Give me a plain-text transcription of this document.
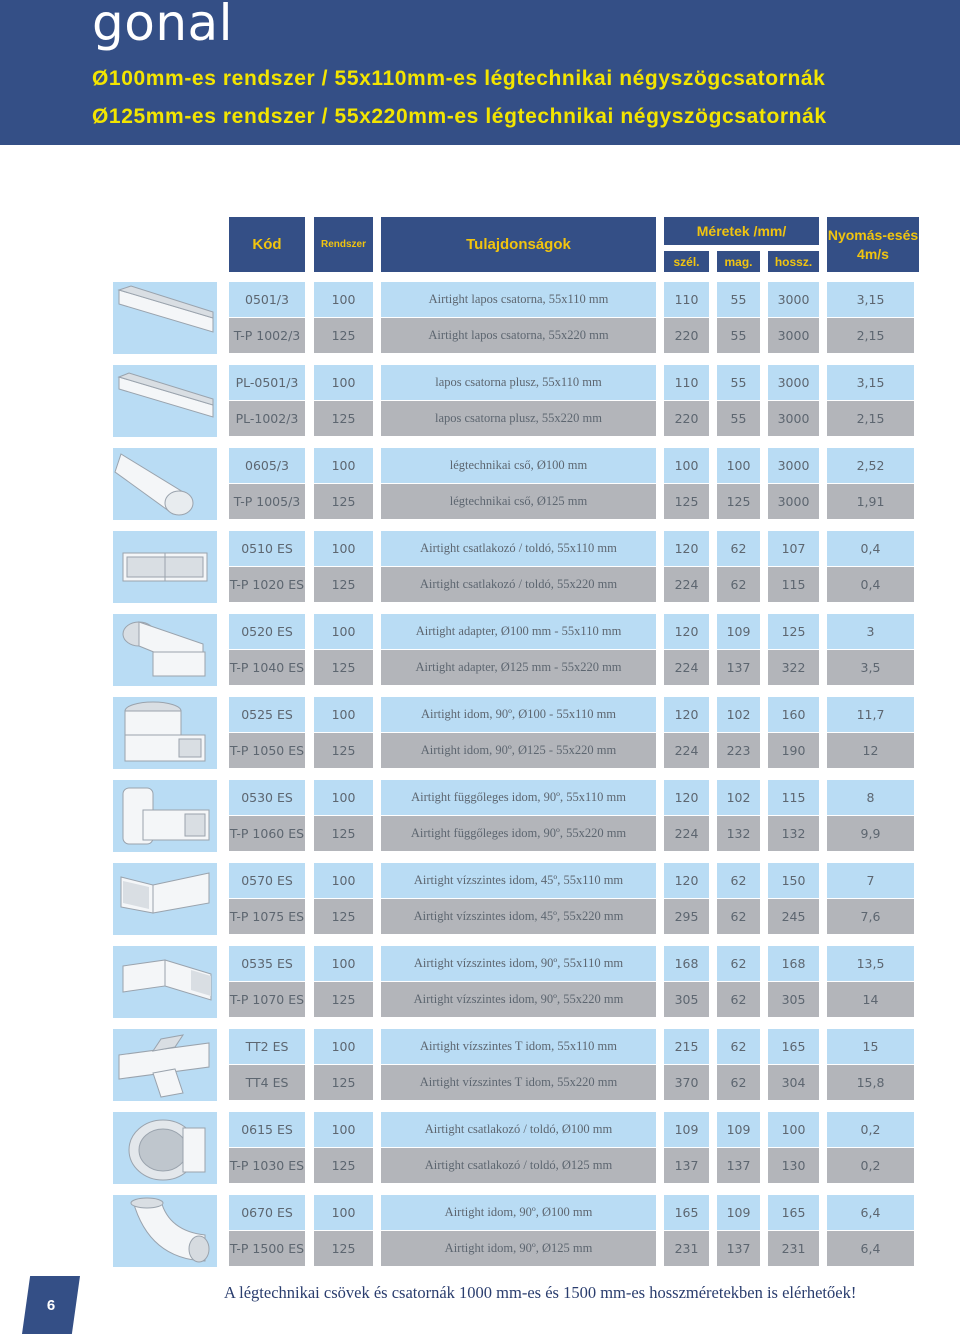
gonal
Ø100mm-es rendszer / 55x110mm-es légtechnikai négyszögcsatornák
Ø125mm-es rendszer / 55x220mm-es légtechnikai négyszögcsatornák
Kód	Rendszer	Tulajdonságok
Méretek /mm/
szél.	mag.	hossz.
Nyomás-esés 4m/s
0501/3	100	Airtight lapos csatorna, 55x110 mm	110	55	3000	3,15
T-P 1002/3	125	Airtight lapos csatorna, 55x220 mm	220	55	3000	2,15
PL-0501/3	100	lapos csatorna plusz, 55x110 mm	110	55	3000	3,15
PL-1002/3	125	lapos csatorna plusz, 55x220 mm	220	55	3000	2,15
0605/3	100	légtechnikai cső, Ø100 mm	100	100	3000	2,52
T-P 1005/3	125	légtechnikai cső, Ø125 mm	125	125	3000	1,91
0510 ES	100	Airtight csatlakozó / toldó, 55x110 mm	120	62	107	0,4
T-P 1020 ES	125	Airtight csatlakozó / toldó, 55x220 mm	224	62	115	0,4
0520 ES	100	Airtight adapter, Ø100 mm - 55x110 mm	120	109	125	3
T-P 1040 ES	125	Airtight adapter, Ø125 mm - 55x220 mm	224	137	322	3,5
0525 ES	100	Airtight idom, 90º, Ø100 - 55x110 mm	120	102	160	11,7
T-P 1050 ES	125	Airtight idom, 90º, Ø125 - 55x220 mm	224	223	190	12
0530 ES	100	Airtight függőleges idom, 90º, 55x110 mm	120	102	115	8
T-P 1060 ES	125	Airtight függőleges idom, 90º, 55x220 mm	224	132	132	9,9
0570 ES	100	Airtight vízszintes idom, 45º, 55x110 mm	120	62	150	7
T-P 1075 ES	125	Airtight vízszintes idom, 45º, 55x220 mm	295	62	245	7,6
0535 ES	100	Airtight vízszintes idom, 90º, 55x110 mm	168	62	168	13,5
T-P 1070 ES	125	Airtight vízszintes idom, 90º, 55x220 mm	305	62	305	14
TT2 ES	100	Airtight vízszintes T idom, 55x110 mm	215	62	165	15
TT4 ES	125	Airtight vízszintes T idom, 55x220 mm	370	62	304	15,8
0615 ES	100	Airtight csatlakozó / toldó, Ø100 mm	109	109	100	0,2
T-P 1030 ES	125	Airtight csatlakozó / toldó, Ø125 mm	137	137	130	0,2
0670 ES	100	Airtight idom, 90º, Ø100 mm	165	109	165	6,4
T-P 1500 ES	125	Airtight idom, 90º, Ø125 mm	231	137	231	6,4
6
A légtechnikai csövek és csatornák 1000 mm-es és 1500 mm-es hosszméretekben is elérhetőek!
